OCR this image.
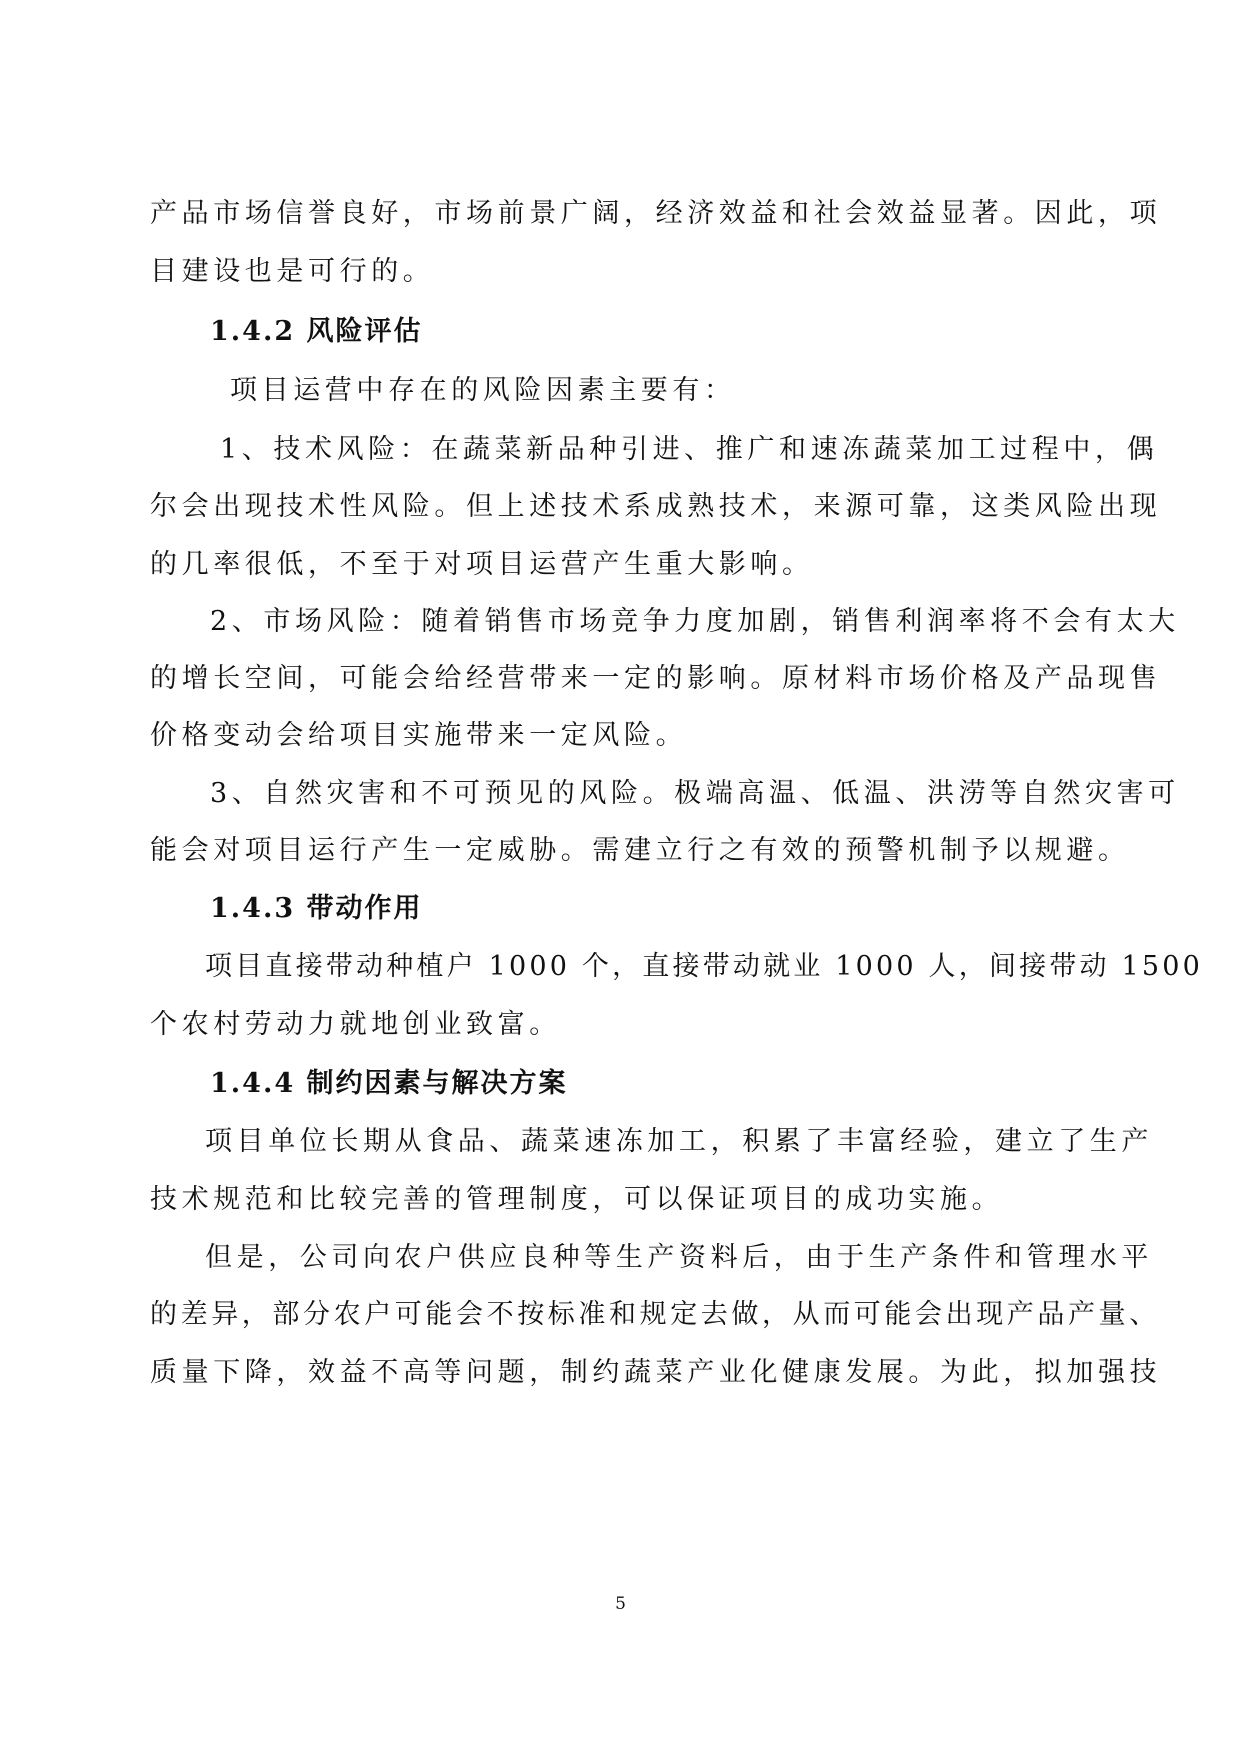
产品市场信誉良好，市场前景广阔，经济效益和社会效益显著。因此，项
目建设也是可行的。
1.4.2 风险评估
项目运营中存在的风险因素主要有：
1、技术风险：在蔬菜新品种引进、推广和速冻蔬菜加工过程中，偶
尔会出现技术性风险。但上述技术系成熟技术，来源可靠，这类风险出现
的几率很低，不至于对项目运营产生重大影响。
2、市场风险：随着销售市场竞争力度加剧，销售利润率将不会有太大
的增长空间，可能会给经营带来一定的影响。原材料市场价格及产品现售
价格变动会给项目实施带来一定风险。
3、自然灾害和不可预见的风险。极端高温、低温、洪涝等自然灾害可
能会对项目运行产生一定威胁。需建立行之有效的预警机制予以规避。
1.4.3 带动作用
项目直接带动种植户 1000 个，直接带动就业 1000 人，间接带动 1500
个农村劳动力就地创业致富。
1.4.4 制约因素与解决方案
项目单位长期从食品、蔬菜速冻加工，积累了丰富经验，建立了生产
技术规范和比较完善的管理制度，可以保证项目的成功实施。
但是，公司向农户供应良种等生产资料后，由于生产条件和管理水平
的差异，部分农户可能会不按标准和规定去做，从而可能会出现产品产量、
质量下降，效益不高等问题，制约蔬菜产业化健康发展。为此，拟加强技
5
